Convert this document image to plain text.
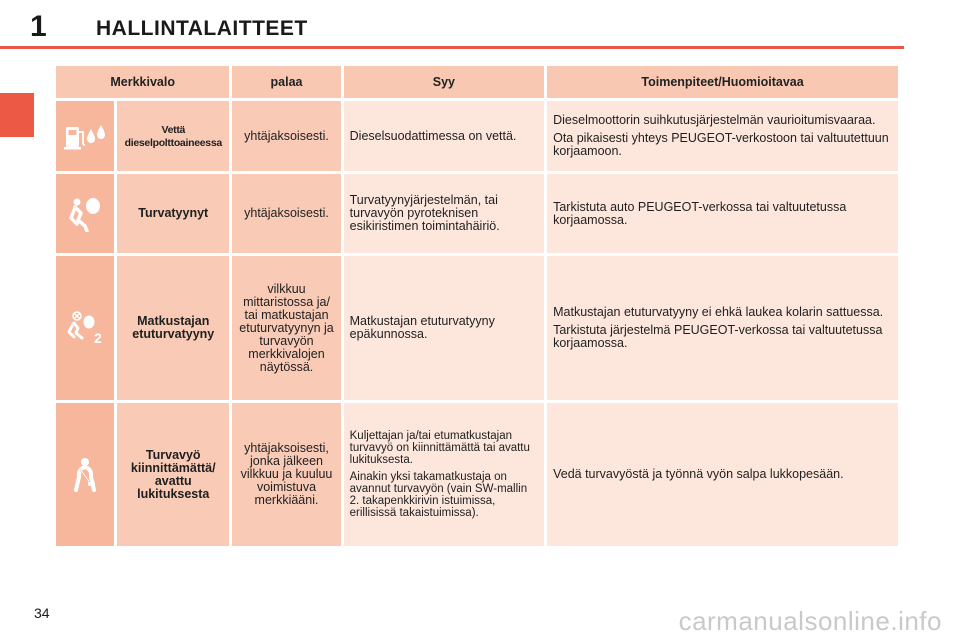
1 HALLINTALAITTEET
Merkkivalo		palaa	Syy	Toimenpiteet/Huomioitavaa
	Vettä dieselpolttoaineessa	yhtäjaksoisesti.	Dieselsuodattimessa on vettä.	Dieselmoottorin suihkutusjärjestelmän vaurioitumisvaaraa.

Ota pikaisesti yhteys PEUGEOT-verkostoon tai valtuutettuun korjaamoon.

	Turvatyynyt	yhtäjaksoisesti.	Turvatyynyjärjestelmän, tai turvavyön pyroteknisen esikiristimen toimintahäiriö.	Tarkistuta auto PEUGEOT-verkossa tai valtuutetussa korjaamossa.

2	Matkustajan etuturvatyyny	vilkkuu mittaristossa ja/ tai matkustajan etuturvatyynyn ja turvavyön merkkivalojen näytössä.	Matkustajan etuturvatyyny epäkunnossa.	Matkustajan etuturvatyyny ei ehkä laukea kolarin sattuessa.

Tarkistuta järjestelmä PEUGEOT-verkossa tai valtuutetussa korjaamossa.

	Turvavyö kiinnittämättä/ avattu lukituksesta	yhtäjaksoisesti, jonka jälkeen vilkkuu ja kuuluu voimistuva merkkiääni.	Kuljettajan ja/tai etumatkustajan turvavyö on kiinnittämättä tai avattu lukituksesta.

Ainakin yksi takamatkustaja on avannut turvavyön (vain SW-mallin 2. takapenkkirivin istuimissa, erillisissä takaistuimissa).	Vedä turvavyöstä ja työnnä vyön salpa lukkopesään.

34	carmanualsonline.info
